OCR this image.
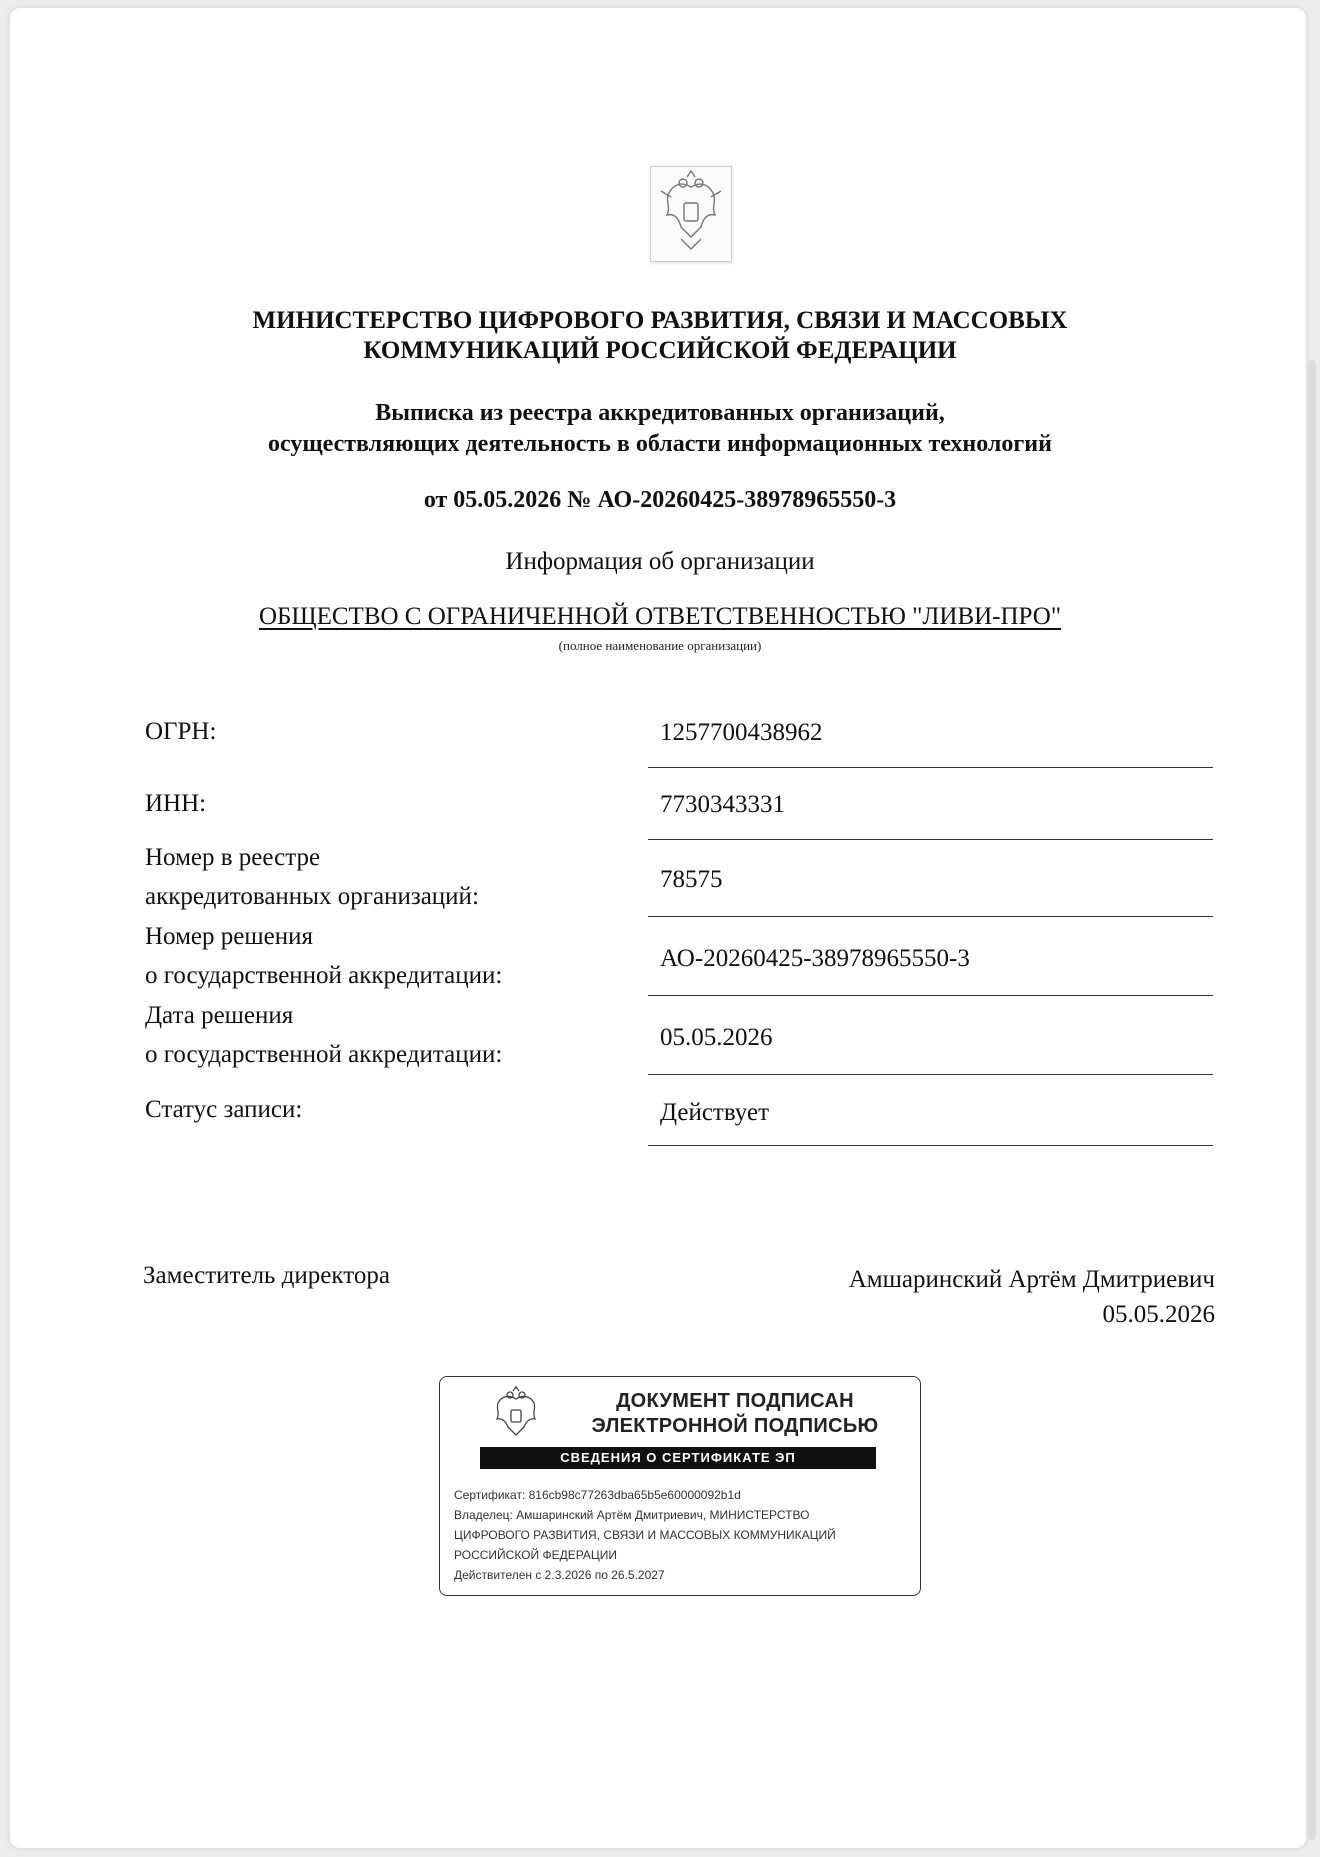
МИНИСТЕРСТВО ЦИФРОВОГО РАЗВИТИЯ, СВЯЗИ И МАССОВЫХ
КОММУНИКАЦИЙ РОССИЙСКОЙ ФЕДЕРАЦИИ
Выписка из реестра аккредитованных организаций,
осуществляющих деятельность в области информационных технологий
от 05.05.2026 № АО-20260425-38978965550-3
Информация об организации
ОБЩЕСТВО С ОГРАНИЧЕННОЙ ОТВЕТСТВЕННОСТЬЮ "ЛИВИ-ПРО"
(полное наименование организации)
ОГРН:	1257700438962
ИНН:	7730343331
Номер в реестре
аккредитованных организаций:
78575
Номер решения
о государственной аккредитации:
АО-20260425-38978965550-3
Дата решения
о государственной аккредитации:
05.05.2026
Статус записи:	Действует
Заместитель директора	Амшаринский Артём Дмитриевич
05.05.2026
ДОКУМЕНТ ПОДПИСАН
ЭЛЕКТРОННОЙ ПОДПИСЬЮ
СВЕДЕНИЯ О СЕРТИФИКАТЕ ЭП
Сертификат: 816cb98c77263dba65b5e60000092b1d
Владелец: Амшаринский Артём Дмитриевич, МИНИСТЕРСТВО
ЦИФРОВОГО РАЗВИТИЯ, СВЯЗИ И МАССОВЫХ КОММУНИКАЦИЙ
РОССИЙСКОЙ ФЕДЕРАЦИИ
Действителен с 2.3.2026 по 26.5.2027
